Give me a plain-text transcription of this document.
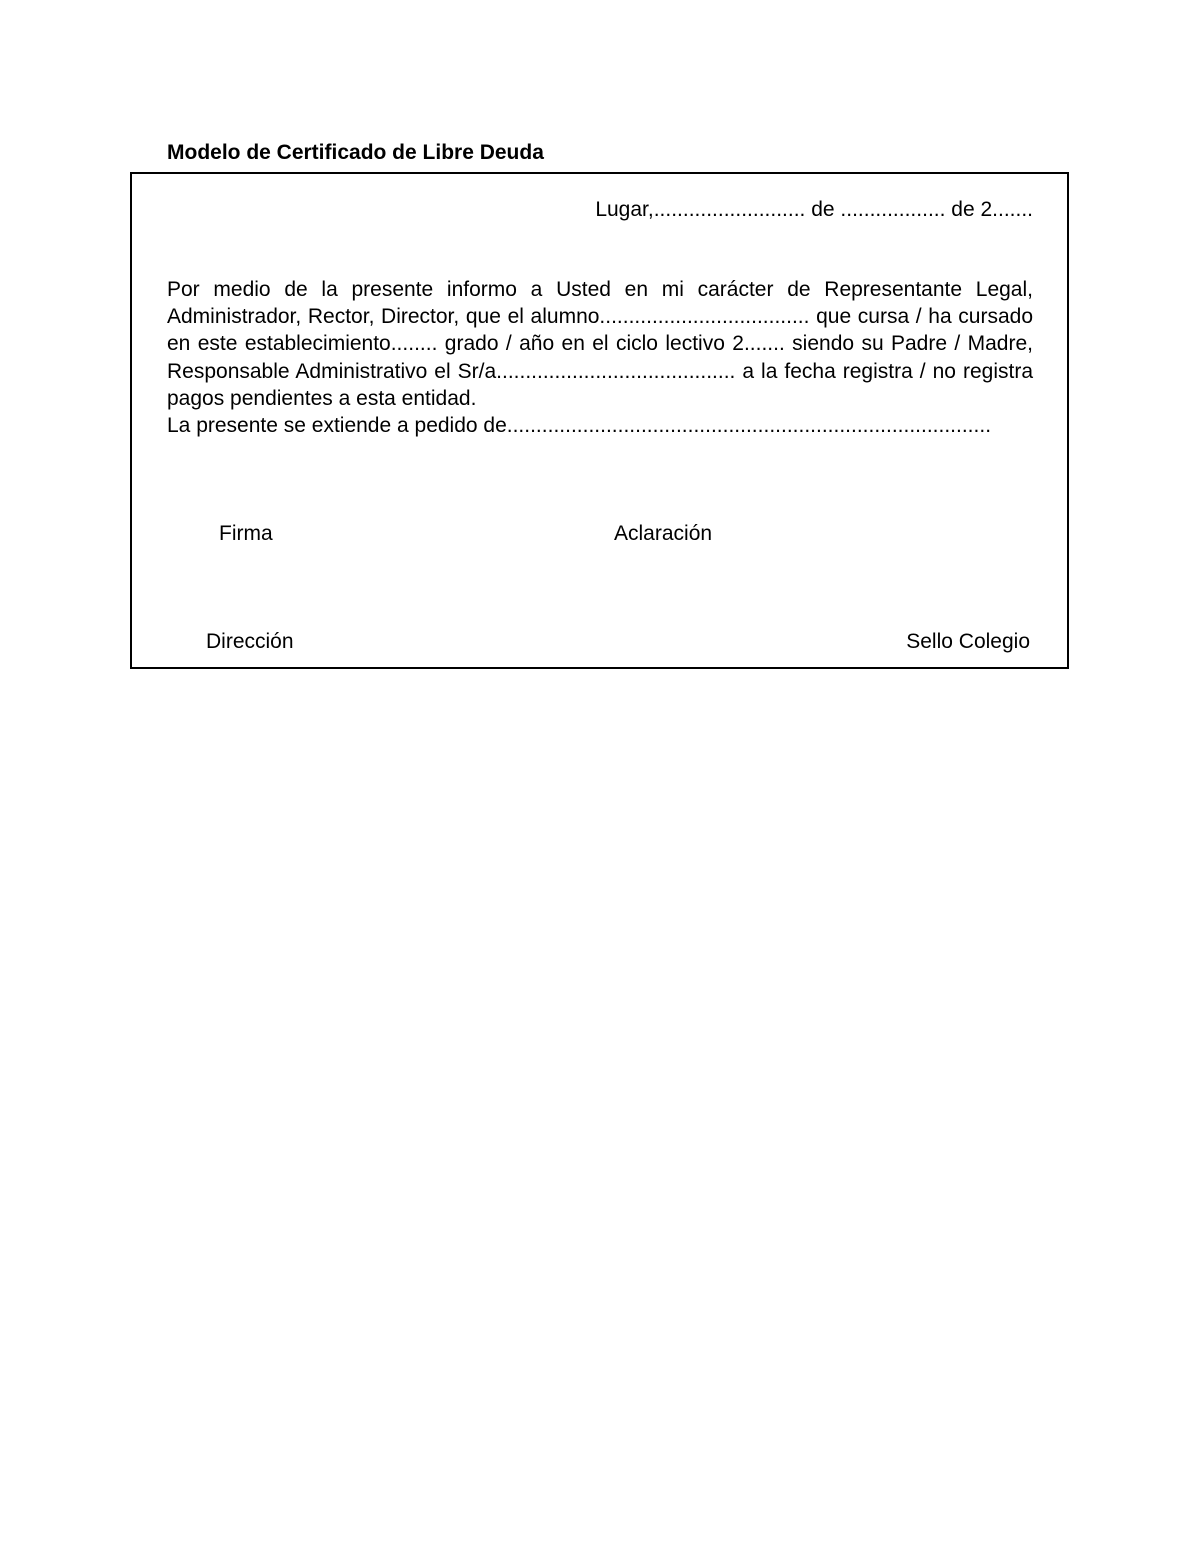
Modelo de Certificado de Libre Deuda
Lugar,.......................... de .................. de 2.......

Por medio de la presente informo a Usted en mi carácter de Representante Legal, Administrador, Rector, Director, que el alumno.................................... que cursa / ha cursado en este establecimiento........ grado / año en el ciclo lectivo 2....... siendo su Padre / Madre, Responsable Administrativo el Sr/a......................................... a la fecha registra / no registra pagos pendientes a esta entidad.

La presente se extiende a pedido de...................................................................................

Firma	Aclaración
Dirección	Sello Colegio
